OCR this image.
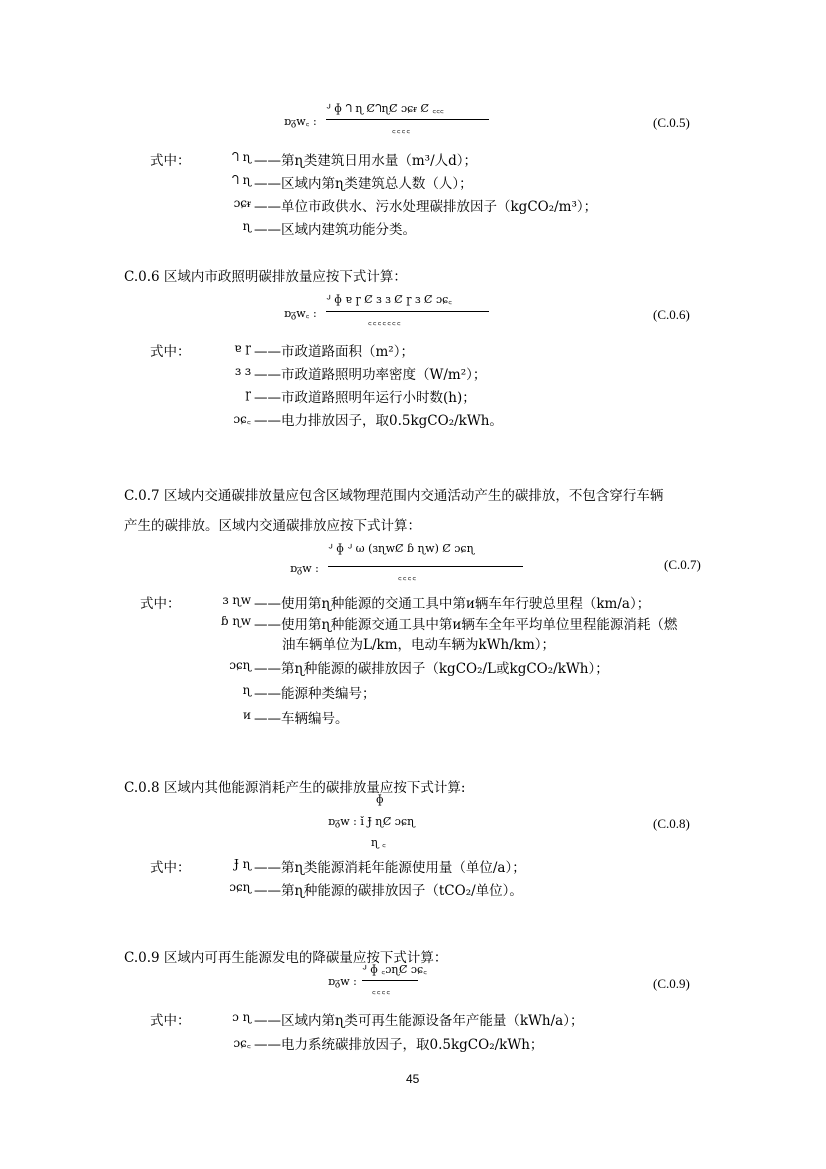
ɒᵹᴡ꜀ :
ᒢ ɸ ᘃ ɳ ȻᘃɳȻ ɔɕᵲ Ȼ ꜀꜀꜀
꜀꜀꜀꜀	(C.0.5)
式中：	ᘃ ɳ ——第ɳ类建筑日用水量（m³/人d）；
ᘃ ɳ ——区域内第ɳ类建筑总人数（人）；
ɔɕᵲ ——单位市政供水、污水处理碳排放因子（kgCO₂/m³）；
ɳ ——区域内建筑功能分类。
C.0.6 区域内市政照明碳排放量应按下式计算：
ɒᵹᴡ꜀ :
ᒢ ɸ ɐ ɼ Ȼ ɜ ɜ Ȼ ɼ ɜ Ȼ ɔɕ꜀
꜀꜀꜀꜀꜀꜀꜀	(C.0.6)
式中：	ɐ ɼ ——市政道路面积（m²）；
ɜ ɜ ——市政道路照明功率密度（W/m²）；
ɼ ——市政道路照明年运行小时数(h)；
ɔɕ꜀ ——电力排放因子，取0.5kgCO₂/kWh。
C.0.7 区域内交通碳排放量应包含区域物理范围内交通活动产生的碳排放，不包含穿行车辆
产生的碳排放。区域内交通碳排放应按下式计算：
ɒᵹᴡ :
ᒢ ɸ ᒢ ω (ɜɳᴡȻ ɓ ɳᴡ) Ȼ ɔɕɳ
꜀꜀꜀꜀
(C.0.7)
式中：	ɜ ɳᴡ ——使用第ɳ种能源的交通工具中第ᴎ辆车年行驶总里程（km/a）；
ɓ ɳᴡ ——使用第ɳ种能源交通工具中第ᴎ辆车全年平均单位里程能源消耗（燃
油车辆单位为L/km，电动车辆为kWh/km）；
ɔɕɳ ——第ɳ种能源的碳排放因子（kgCO₂/L或kgCO₂/kWh）；
ɳ ——能源种类编号；
ᴎ ——车辆编号。
C.0.8 区域内其他能源消耗产生的碳排放量应按下式计算:
ɸ
ɒᵹᴡ : ǐ Ɉ ɳȻ ɔɕɳ
ɳ ꜀
(C.0.8)
式中：	Ɉ ɳ ——第ɳ类能源消耗年能源使用量（单位/a）；
ɔɕɳ ——第ɳ种能源的碳排放因子（tCO₂/单位）。
C.0.9 区域内可再生能源发电的降碳量应按下式计算：
ɒᵹᴡ :
ᒢ ɸ ꜀ɔɳȻ ɔɕ꜀
꜀꜀꜀꜀	(C.0.9)
式中：	ɔ ɳ ——区域内第ɳ类可再生能源设备年产能量（kWh/a）；
ɔɕ꜀ ——电力系统碳排放因子，取0.5kgCO₂/kWh；
45
